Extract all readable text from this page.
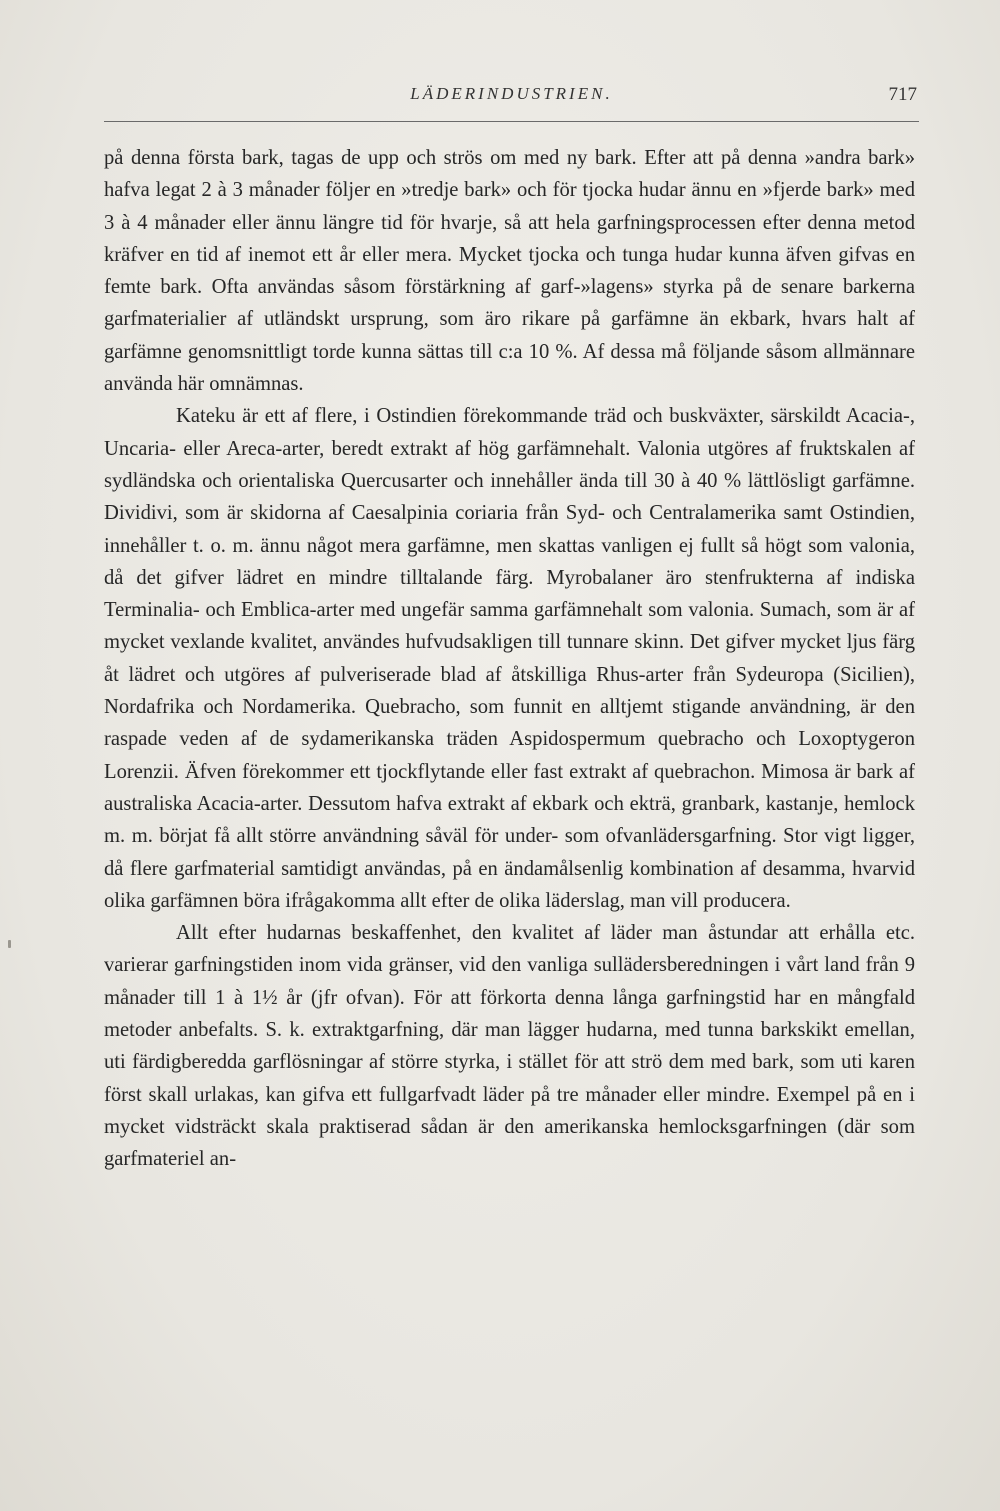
LÄDERINDUSTRIEN.	717

på denna första bark, tagas de upp och strös om med ny bark. Efter att på denna »andra bark» hafva legat 2 à 3 månader följer en »tredje bark» och för tjocka hudar ännu en »fjerde bark» med 3 à 4 månader eller ännu längre tid för hvarje, så att hela garfningsprocessen efter denna metod kräfver en tid af inemot ett år eller mera. Mycket tjocka och tunga hudar kunna äfven gifvas en femte bark. Ofta användas såsom förstärkning af garf-»lagens» styrka på de senare barkerna garfmaterialier af utländskt ursprung, som äro rikare på garfämne än ekbark, hvars halt af garfämne genomsnittligt torde kunna sättas till c:a 10 %. Af dessa må följande såsom allmännare använda här omnämnas.

Kateku är ett af flere, i Ostindien förekommande träd och buskväxter, särskildt Acacia-, Uncaria- eller Areca-arter, beredt extrakt af hög garfämnehalt. Valonia utgöres af fruktskalen af sydländska och orientaliska Quercusarter och innehåller ända till 30 à 40 % lättlösligt garfämne. Dividivi, som är skidorna af Caesalpinia coriaria från Syd- och Centralamerika samt Ostindien, innehåller t. o. m. ännu något mera garfämne, men skattas vanligen ej fullt så högt som valonia, då det gifver lädret en mindre tilltalande färg. Myrobalaner äro stenfrukterna af indiska Terminalia- och Emblica-arter med ungefär samma garfämnehalt som valonia. Sumach, som är af mycket vexlande kvalitet, användes hufvudsakligen till tunnare skinn. Det gifver mycket ljus färg åt lädret och utgöres af pulveriserade blad af åtskilliga Rhus-arter från Sydeuropa (Sicilien), Nordafrika och Nordamerika. Quebracho, som funnit en alltjemt stigande användning, är den raspade veden af de sydamerikanska träden Aspidospermum quebracho och Loxoptygeron Lorenzii. Äfven förekommer ett tjockflytande eller fast extrakt af quebrachon. Mimosa är bark af australiska Acacia-arter. Dessutom hafva extrakt af ekbark och ekträ, granbark, kastanje, hemlock m. m. börjat få allt större användning såväl för under- som ofvanlädersgarfning. Stor vigt ligger, då flere garfmaterial samtidigt användas, på en ändamålsenlig kombination af desamma, hvarvid olika garfämnen böra ifrågakomma allt efter de olika läderslag, man vill producera.

Allt efter hudarnas beskaffenhet, den kvalitet af läder man åstundar att erhålla etc. varierar garfningstiden inom vida gränser, vid den vanliga sullädersberedningen i vårt land från 9 månader till 1 à 1½ år (jfr ofvan). För att förkorta denna långa garfningstid har en mångfald metoder anbefalts. S. k. extraktgarfning, där man lägger hudarna, med tunna barkskikt emellan, uti färdigberedda garflösningar af större styrka, i stället för att strö dem med bark, som uti karen först skall urlakas, kan gifva ett fullgarfvadt läder på tre månader eller mindre. Exempel på en i mycket vidsträckt skala praktiserad sådan är den amerikanska hemlocksgarfningen (där som garfmateriel an-
